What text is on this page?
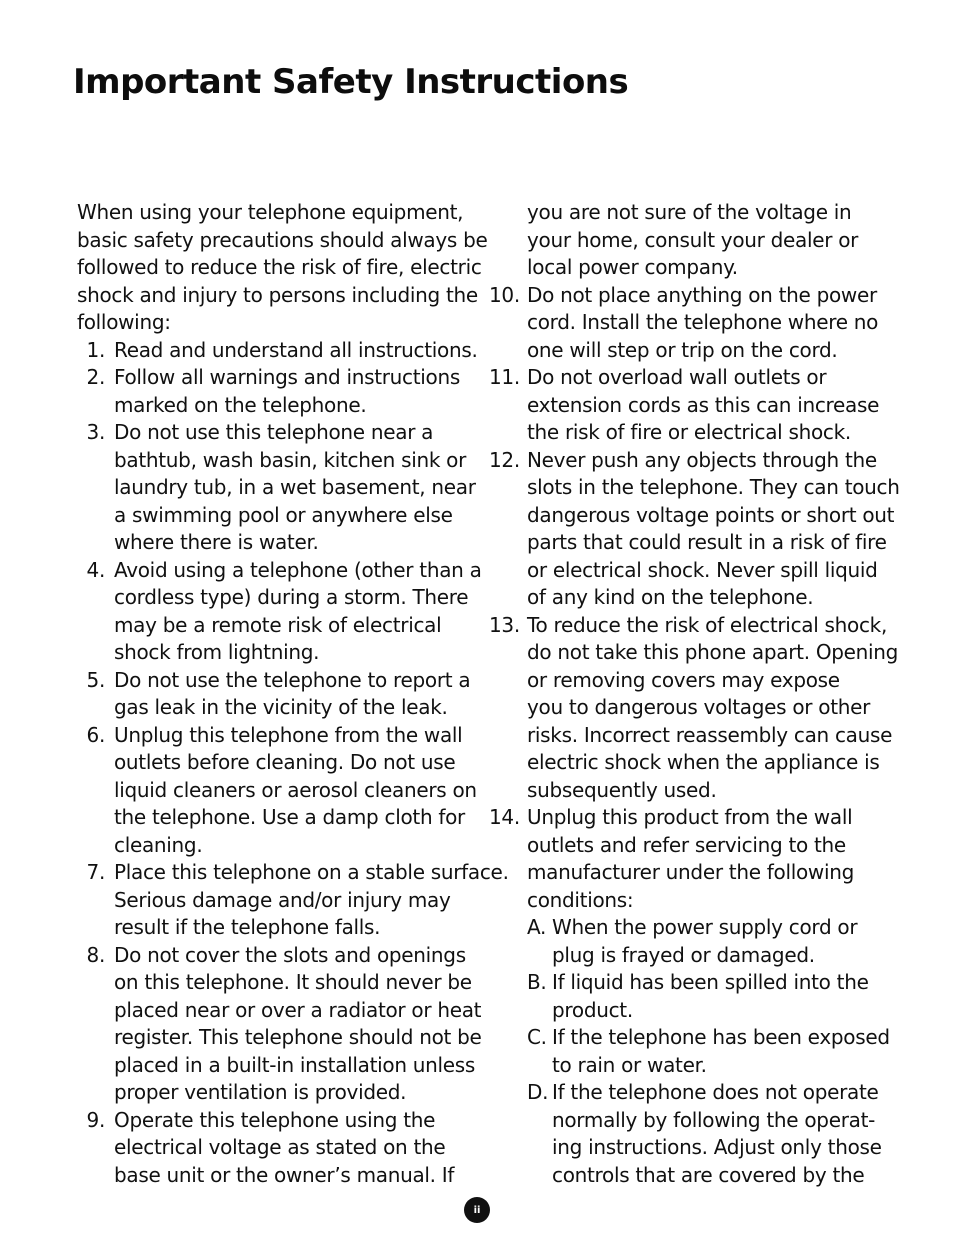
Important Safety Instructions
When using your telephone equipment,
basic safety precautions should always be
followed to reduce the risk of fire, electric
shock and injury to persons including the
following:
1. Read and understand all instructions.
2. Follow all warnings and instructions
marked on the telephone.
3. Do not use this telephone near a
bathtub, wash basin, kitchen sink or
laundry tub, in a wet basement, near
a swimming pool or anywhere else
where there is water.
4. Avoid using a telephone (other than a
cordless type) during a storm. There
may be a remote risk of electrical
shock from lightning.
5. Do not use the telephone to report a
gas leak in the vicinity of the leak.
6. Unplug this telephone from the wall
outlets before cleaning. Do not use
liquid cleaners or aerosol cleaners on
the telephone. Use a damp cloth for
cleaning.
7. Place this telephone on a stable surface.
Serious damage and/or injury may
result if the telephone falls.
8. Do not cover the slots and openings
on this telephone. It should never be
placed near or over a radiator or heat
register. This telephone should not be
placed in a built-in installation unless
proper ventilation is provided.
9. Operate this telephone using the
electrical voltage as stated on the
base unit or the owner’s manual. If
you are not sure of the voltage in
your home, consult your dealer or
local power company.
10. Do not place anything on the power
cord. Install the telephone where no
one will step or trip on the cord.
11. Do not overload wall outlets or
extension cords as this can increase
the risk of fire or electrical shock.
12. Never push any objects through the
slots in the telephone. They can touch
dangerous voltage points or short out
parts that could result in a risk of fire
or electrical shock. Never spill liquid
of any kind on the telephone.
13. To reduce the risk of electrical shock,
do not take this phone apart. Opening
or removing covers may expose
you to dangerous voltages or other
risks. Incorrect reassembly can cause
electric shock when the appliance is
subsequently used.
14. Unplug this product from the wall
outlets and refer servicing to the
manufacturer under the following
conditions:
A. When the power supply cord or
plug is frayed or damaged.
B. If liquid has been spilled into the
product.
C. If the telephone has been exposed
to rain or water.
D. If the telephone does not operate
normally by following the operat-
ing instructions. Adjust only those
controls that are covered by the
ii
